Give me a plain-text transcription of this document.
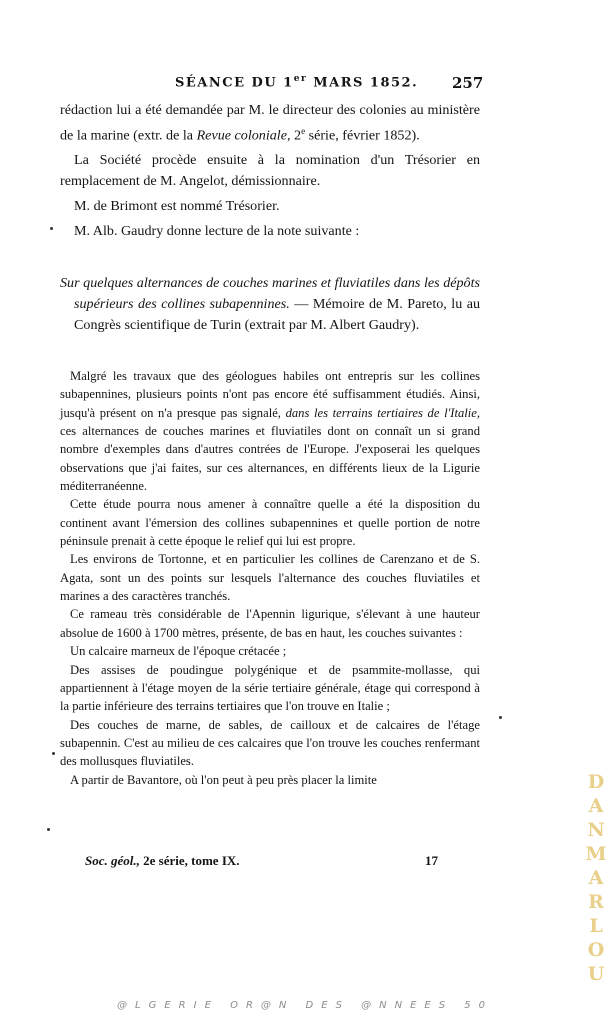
SÉANCE DU 1er MARS 1852. 257

rédaction lui a été demandée par M. le directeur des colonies au ministère de la marine (extr. de la Revue coloniale, 2e série, février 1852).

La Société procède ensuite à la nomination d'un Trésorier en remplacement de M. Angelot, démissionnaire.

M. de Brimont est nommé Trésorier.

M. Alb. Gaudry donne lecture de la note suivante :

Sur quelques alternances de couches marines et fluviatiles dans les dépôts supérieurs des collines subapennines. — Mémoire de M. Pareto, lu au Congrès scientifique de Turin (extrait par M. Albert Gaudry).

Malgré les travaux que des géologues habiles ont entrepris sur les collines subapennines, plusieurs points n'ont pas encore été suffisamment étudiés. Ainsi, jusqu'à présent on n'a presque pas signalé, dans les terrains tertiaires de l'Italie, ces alternances de couches marines et fluviatiles dont on connaît un si grand nombre d'exemples dans d'autres contrées de l'Europe. J'exposerai les quelques observations que j'ai faites, sur ces alternances, en différents lieux de la Ligurie méditerranéenne.

Cette étude pourra nous amener à connaître quelle a été la disposition du continent avant l'émersion des collines subapennines et quelle portion de notre péninsule prenait à cette époque le relief qui lui est propre.

Les environs de Tortonne, et en particulier les collines de Carenzano et de S. Agata, sont un des points sur lesquels l'alternance des couches fluviatiles et marines a des caractères tranchés.

Ce rameau très considérable de l'Apennin ligurique, s'élevant à une hauteur absolue de 1600 à 1700 mètres, présente, de bas en haut, les couches suivantes :

Un calcaire marneux de l'époque crétacée ;

Des assises de poudingue polygénique et de psammite-mollasse, qui appartiennent à l'étage moyen de la série tertiaire générale, étage qui correspond à la partie inférieure des terrains tertiaires que l'on trouve en Italie ;

Des couches de marne, de sables, de cailloux et de calcaires de l'étage subapennin. C'est au milieu de ces calcaires que l'on trouve les couches renfermant des mollusques fluviatiles.

A partir de Bavantore, où l'on peut à peu près placer la limite

Soc. géol., 2e série, tome IX.	17
DANMARLOU
@LGERIE OR@N DES @NNEES 50
